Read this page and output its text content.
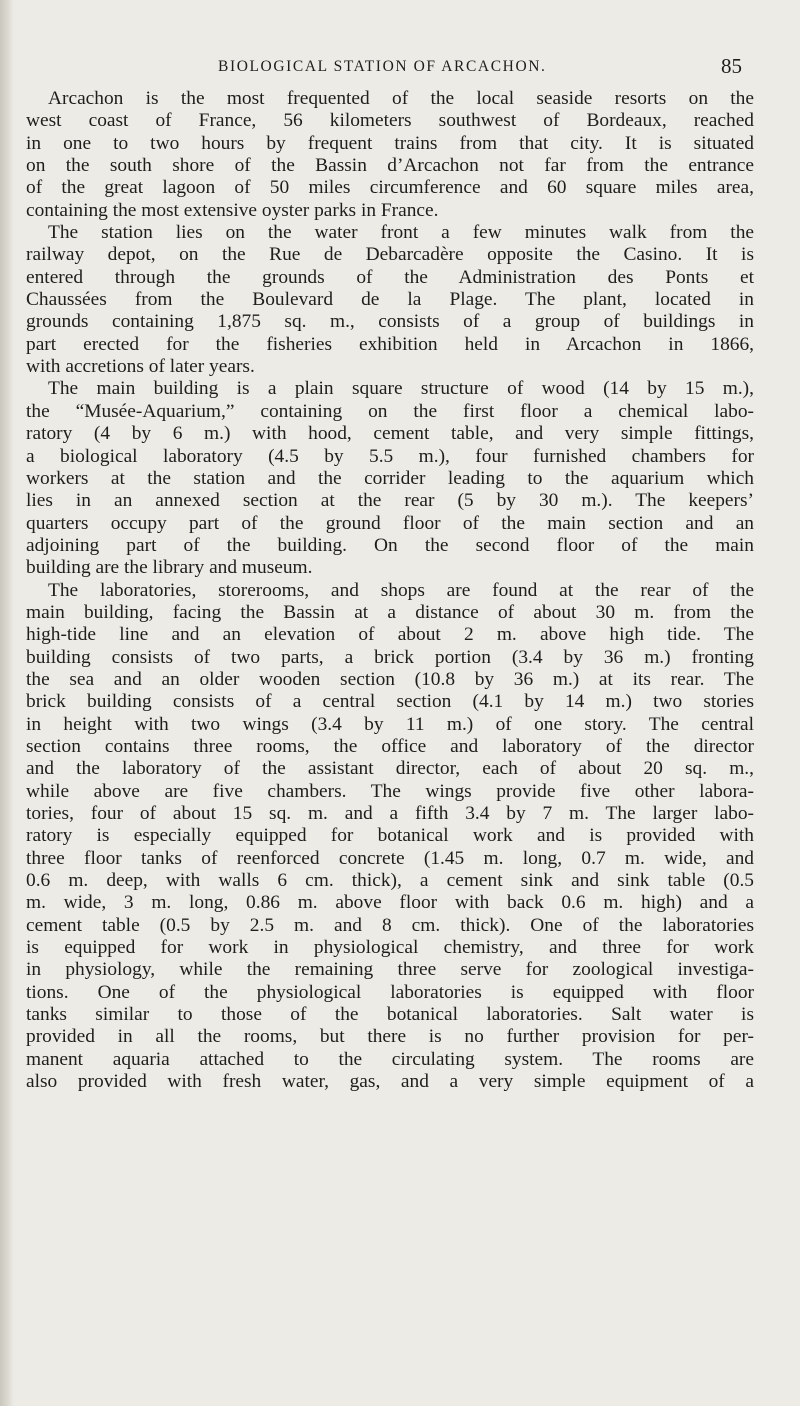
BIOLOGICAL STATION OF ARCACHON.	85
Arcachon is the most frequented of the local seaside resorts on the
west coast of France, 56 kilometers southwest of Bordeaux, reached
in one to two hours by frequent trains from that city. It is situated
on the south shore of the Bassin d’Arcachon not far from the entrance
of the great lagoon of 50 miles circumference and 60 square miles area,
containing the most extensive oyster parks in France.
The station lies on the water front a few minutes walk from the
railway depot, on the Rue de Debarcadère opposite the Casino. It is
entered through the grounds of the Administration des Ponts et
Chaussées from the Boulevard de la Plage. The plant, located in
grounds containing 1,875 sq. m., consists of a group of buildings in
part erected for the fisheries exhibition held in Arcachon in 1866,
with accretions of later years.
The main building is a plain square structure of wood (14 by 15 m.),
the “Musée-Aquarium,” containing on the first floor a chemical labo-
ratory (4 by 6 m.) with hood, cement table, and very simple fittings,
a biological laboratory (4.5 by 5.5 m.), four furnished chambers for
workers at the station and the corrider leading to the aquarium which
lies in an annexed section at the rear (5 by 30 m.). The keepers’
quarters occupy part of the ground floor of the main section and an
adjoining part of the building. On the second floor of the main
building are the library and museum.
The laboratories, storerooms, and shops are found at the rear of the
main building, facing the Bassin at a distance of about 30 m. from the
high-tide line and an elevation of about 2 m. above high tide. The
building consists of two parts, a brick portion (3.4 by 36 m.) fronting
the sea and an older wooden section (10.8 by 36 m.) at its rear. The
brick building consists of a central section (4.1 by 14 m.) two stories
in height with two wings (3.4 by 11 m.) of one story. The central
section contains three rooms, the office and laboratory of the director
and the laboratory of the assistant director, each of about 20 sq. m.,
while above are five chambers. The wings provide five other labora-
tories, four of about 15 sq. m. and a fifth 3.4 by 7 m. The larger labo-
ratory is especially equipped for botanical work and is provided with
three floor tanks of reenforced concrete (1.45 m. long, 0.7 m. wide, and
0.6 m. deep, with walls 6 cm. thick), a cement sink and sink table (0.5
m. wide, 3 m. long, 0.86 m. above floor with back 0.6 m. high) and a
cement table (0.5 by 2.5 m. and 8 cm. thick). One of the laboratories
is equipped for work in physiological chemistry, and three for work
in physiology, while the remaining three serve for zoological investiga-
tions. One of the physiological laboratories is equipped with floor
tanks similar to those of the botanical laboratories. Salt water is
provided in all the rooms, but there is no further provision for per-
manent aquaria attached to the circulating system. The rooms are
also provided with fresh water, gas, and a very simple equipment of a
